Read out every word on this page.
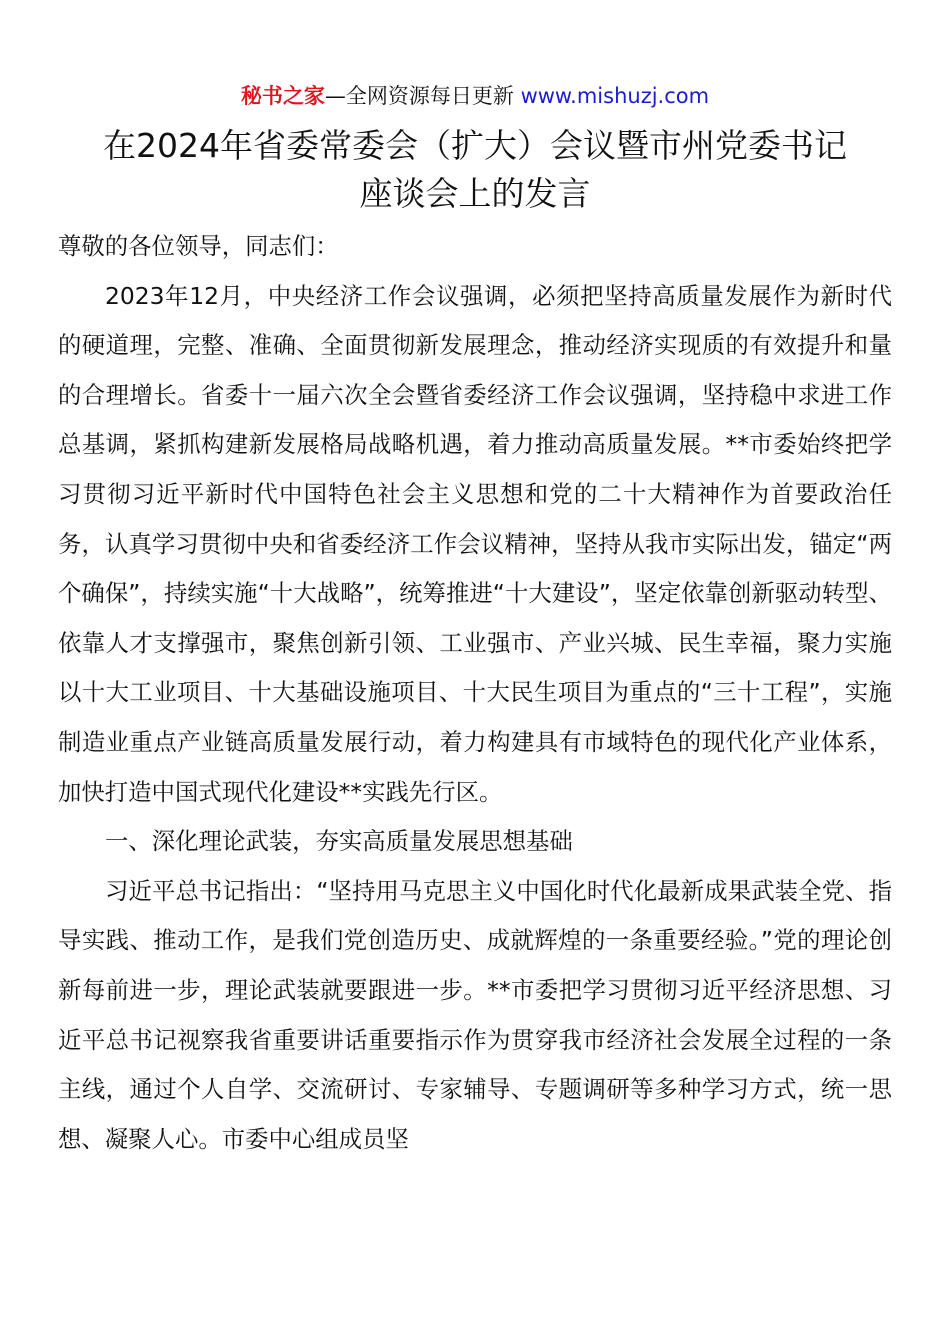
秘书之家—全网资源每日更新 www.mishuzj.com
在2024年省委常委会（扩大）会议暨市州党委书记
座谈会上的发言

尊敬的各位领导，同志们：

2023年12月，中央经济工作会议强调，必须把坚持高质量发展作为新时代的硬道理，完整、准确、全面贯彻新发展理念，推动经济实现质的有效提升和量的合理增长。省委十一届六次全会暨省委经济工作会议强调，坚持稳中求进工作总基调，紧抓构建新发展格局战略机遇，着力推动高质量发展。**市委始终把学习贯彻习近平新时代中国特色社会主义思想和党的二十大精神作为首要政治任务，认真学习贯彻中央和省委经济工作会议精神，坚持从我市实际出发，锚定“两个确保”，持续实施“十大战略”，统筹推进“十大建设”，坚定依靠创新驱动转型、依靠人才支撑强市，聚焦创新引领、工业强市、产业兴城、民生幸福，聚力实施以十大工业项目、十大基础设施项目、十大民生项目为重点的“三十工程”，实施制造业重点产业链高质量发展行动，着力构建具有市域特色的现代化产业体系，加快打造中国式现代化建设**实践先行区。

一、深化理论武装，夯实高质量发展思想基础

习近平总书记指出：“坚持用马克思主义中国化时代化最新成果武装全党、指导实践、推动工作，是我们党创造历史、成就辉煌的一条重要经验。”党的理论创新每前进一步，理论武装就要跟进一步。**市委把学习贯彻习近平经济思想、习近平总书记视察我省重要讲话重要指示作为贯穿我市经济社会发展全过程的一条主线，通过个人自学、交流研讨、专家辅导、专题调研等多种学习方式，统一思想、凝聚人心。市委中心组成员坚
